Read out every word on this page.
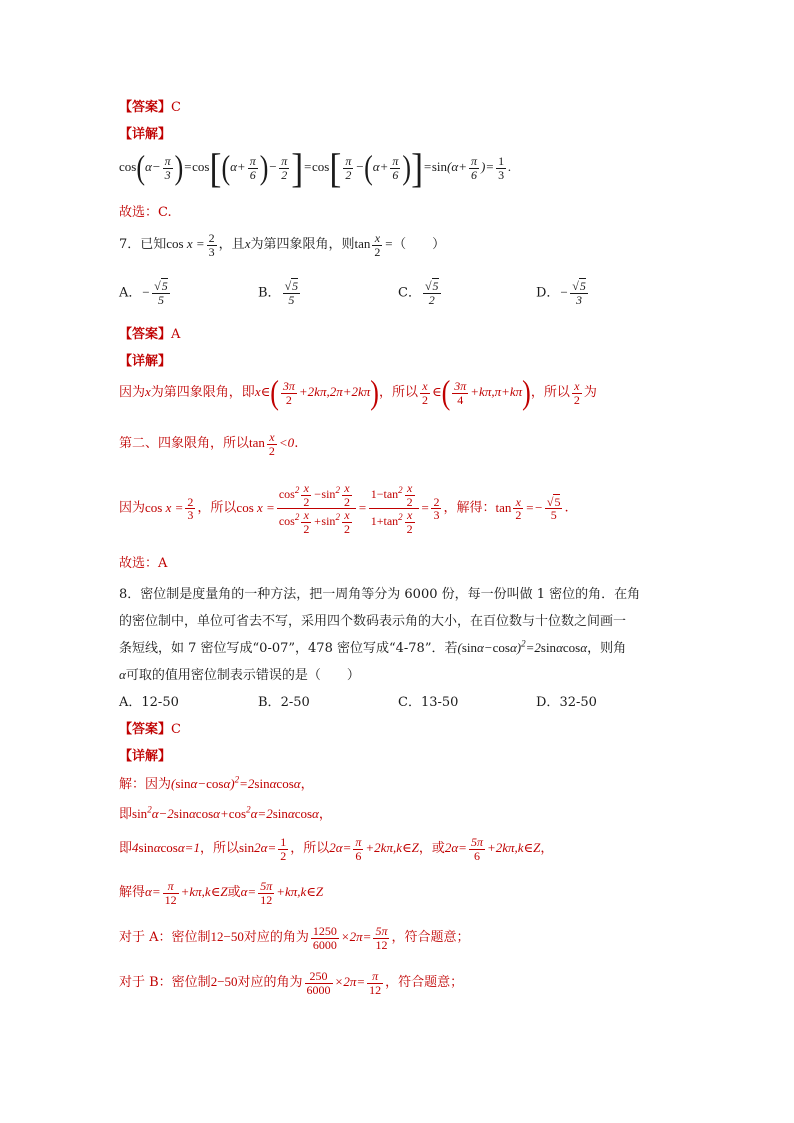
【答案】C
【详解】
$\cos(\alpha- \frac{\pi}{3} )=\cos[(\alpha+ \frac{\pi}{6}$ )− $\frac{\pi}{2} ]=\cos[ \frac{\pi}{2} -(\alpha+ \frac{\pi}{6} )]=\sin(\alpha+ \frac{\pi}{6}$ )= $\frac{1}{3}$ .
故选：C.
7．已知$\cos x = \frac{2}{3}$ ，且x为第四象限角，则$\tan \frac{x}{2}$ =（　　）
A．− $\frac{√5}{5}$	B． $\frac{√5}{5}$	C． $\frac{√5}{2}$	D．− $\frac{√5}{3}$
【答案】A
【详解】
因为x为第四象限角，即x∈( $\frac{3\pi}{2} +2k\pi,2\pi+2k\pi$)，所以 $\frac{x}{2}$ ∈( $\frac{3\pi}{4} +k\pi,\pi+k\pi$)，所以 $\frac{x}{2}$ 为
第二、四象限角，所以$\tan \frac{x}{2} <0$.
因为$\cos x = \frac{2}{3}$ ，所以$\cos x = \frac{\cos^2 \frac{x}{2} -\sin^2 \frac{x}{2}}{\cos^2 \frac{x}{2} +\sin^2 \frac{x}{2}} = \frac{1-\tan^2 \frac{x}{2}}{1+\tan^2 \frac{x}{2}} = \frac{2}{3}$ ，解得：$\tan \frac{x}{2} =- \frac{√5}{5}$ .
故选：A
8．密位制是度量角的一种方法，把一周角等分为 6000 份，每一份叫做 1 密位的角．在角
的密位制中，单位可省去不写，采用四个数码表示角的大小，在百位数与十位数之间画一
条短线，如 7 密位写成“0-07”，478 密位写成“4-78”．若$(\sin\alpha-\cos\alpha)^2=2\sin\alpha\cos\alpha$，则角
α可取的值用密位制表示错误的是（　　）
A．12-50	B．2-50	C．13-50	D．32-50
【答案】C
【详解】
解：因为$(\sin\alpha-\cos\alpha)^2=2\sin\alpha\cos\alpha$，
即$\sin^2\alpha-2\sin\alpha\cos\alpha+\cos^2\alpha=2\sin\alpha\cos\alpha$，
即4sinαcosα=1，所以$\sin 2\alpha= \frac{1}{2}$ ，所以$2\alpha= \frac{\pi}{6}$ +2kπ,k∈Z，或$2\alpha= \frac{5\pi}{6}$ +2kπ,k∈Z，
解得$\alpha= \frac{\pi}{12}$ +kπ,k∈Z或$\alpha= \frac{5\pi}{12}$ +kπ,k∈Z
对于 A：密位制12−50对应的角为 $\frac{1250}{6000} \times 2\pi= \frac{5\pi}{12}$ ，符合题意；
对于 B：密位制2−50对应的角为 $\frac{250}{6000} \times 2\pi= \frac{\pi}{12}$ ，符合题意；
